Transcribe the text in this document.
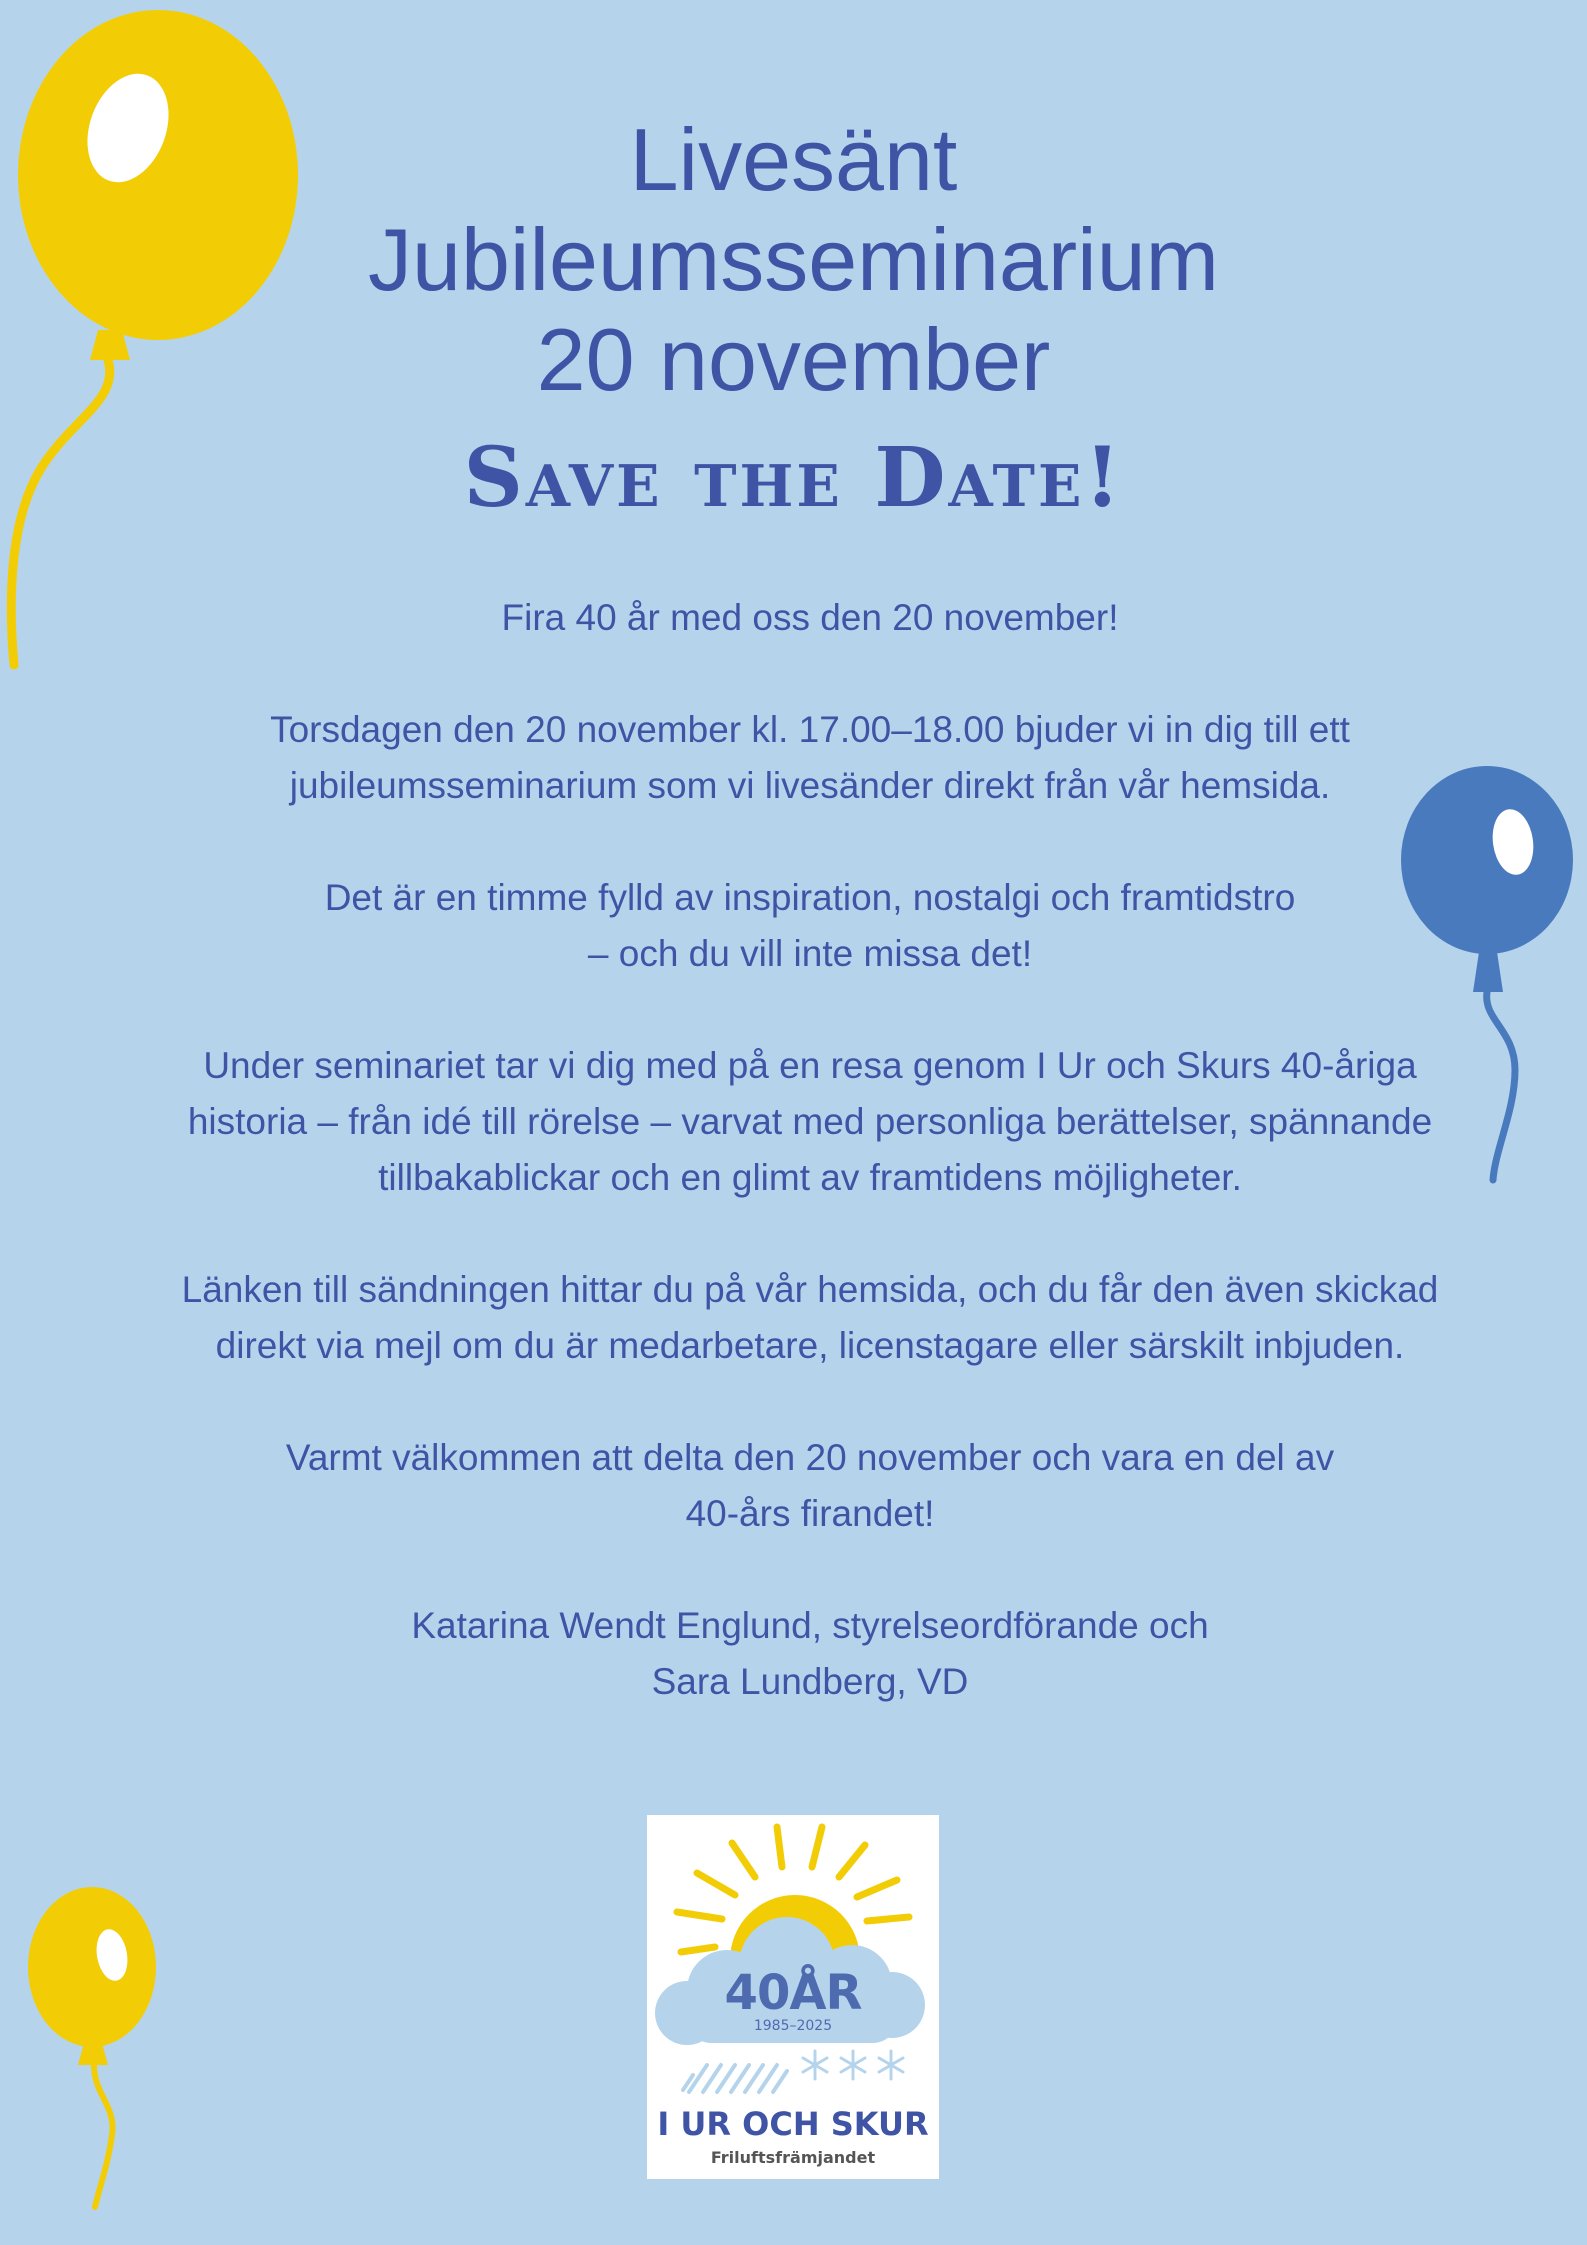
Livesänt
Jubileumsseminarium
20 november
Save the Date!

Fira 40 år med oss den 20 november!

Torsdagen den 20 november kl. 17.00–18.00 bjuder vi in dig till ett jubileumsseminarium som vi livesänder direkt från vår hemsida.

Det är en timme fylld av inspiration, nostalgi och framtidstro
– och du vill inte missa det!

Under seminariet tar vi dig med på en resa genom I Ur och Skurs 40-åriga historia – från idé till rörelse – varvat med personliga berättelser, spännande tillbakablickar och en glimt av framtidens möjligheter.

Länken till sändningen hittar du på vår hemsida, och du får den även skickad direkt via mejl om du är medarbetare, licenstagare eller särskilt inbjuden.

Varmt välkommen att delta den 20 november och vara en del av
40-års firandet!

Katarina Wendt Englund, styrelseordförande och
Sara Lundberg, VD

40ÅR
1985–2025
I UR OCH SKUR
Friluftsfrämjandet
